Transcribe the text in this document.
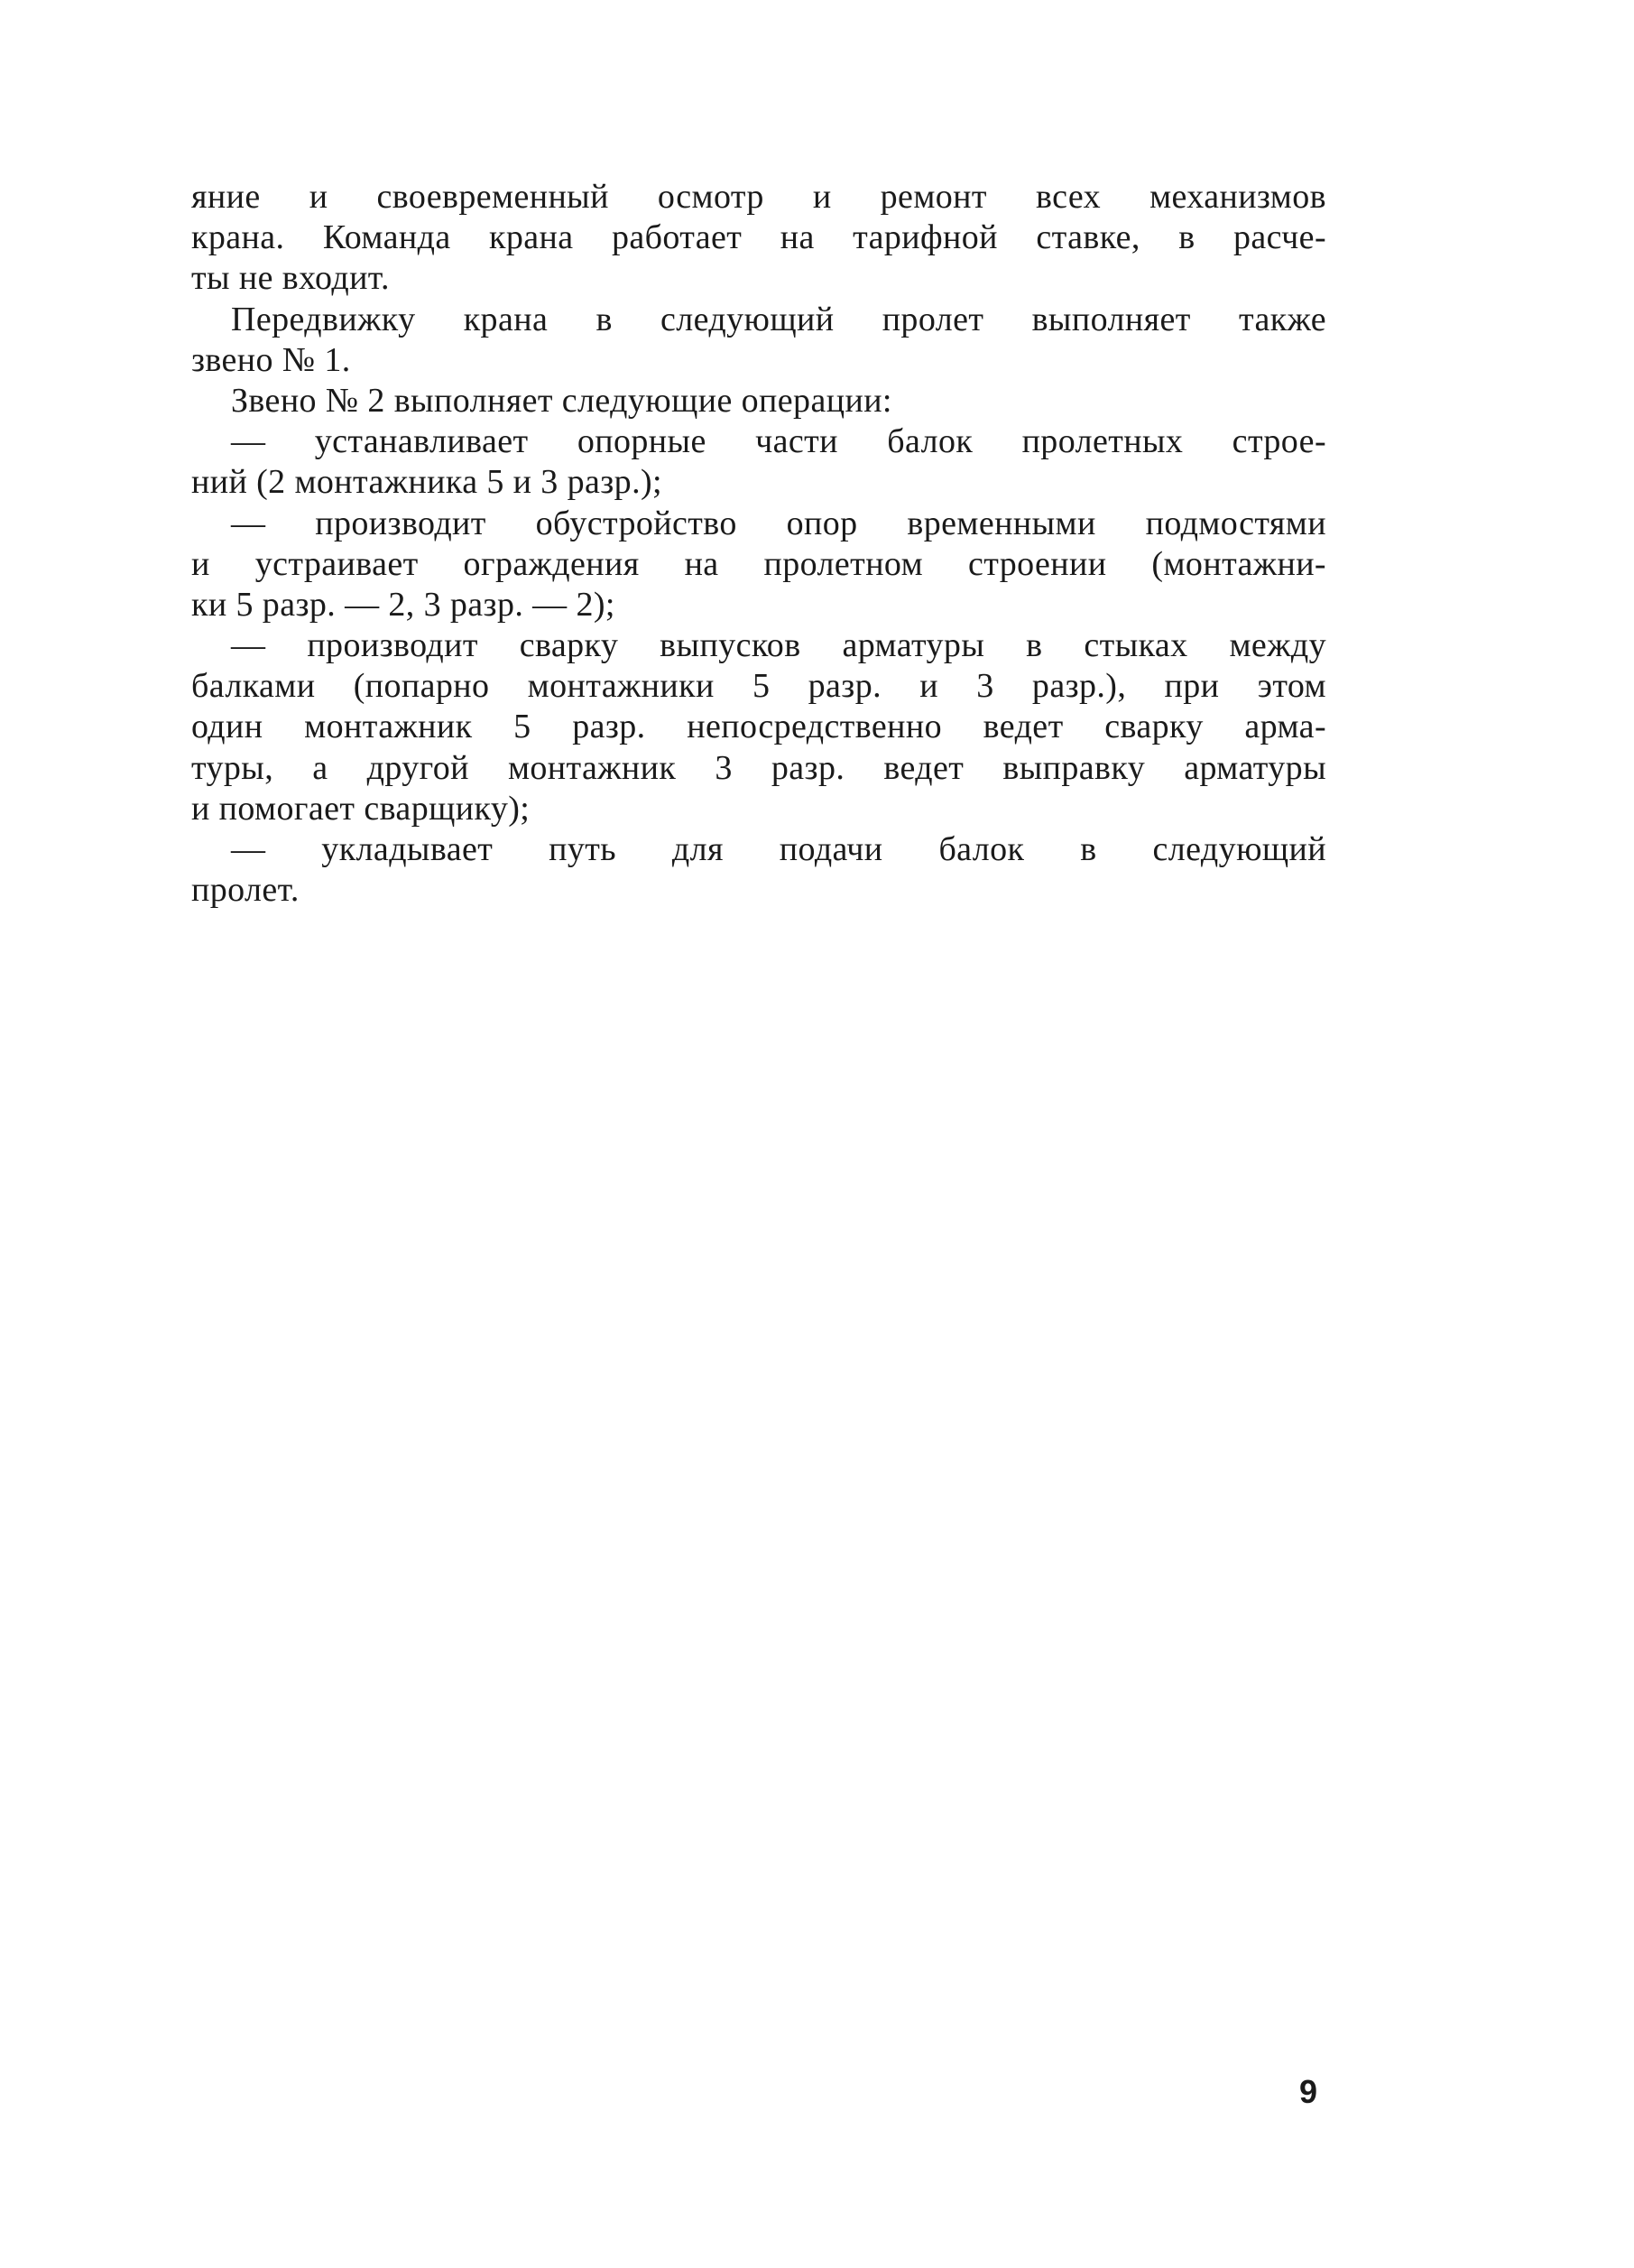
яние и своевременный осмотр и ремонт всех механизмов
крана. Команда крана работает на тарифной ставке, в расче-
ты не входит.
Передвижку крана в следующий пролет выполняет также
звено № 1.
Звено № 2 выполняет следующие операции:
— устанавливает опорные части балок пролетных строе-
ний (2 монтажника 5 и 3 разр.);
— производит обустройство опор временными подмостями
и устраивает ограждения на пролетном строении (монтажни-
ки 5 разр. — 2, 3 разр. — 2);
— производит сварку выпусков арматуры в стыках между
балками (попарно монтажники 5 разр. и 3 разр.), при этом
один монтажник 5 разр. непосредственно ведет сварку арма-
туры, а другой монтажник 3 разр. ведет выправку арматуры
и помогает сварщику);
— укладывает путь для подачи балок в следующий
пролет.
9
